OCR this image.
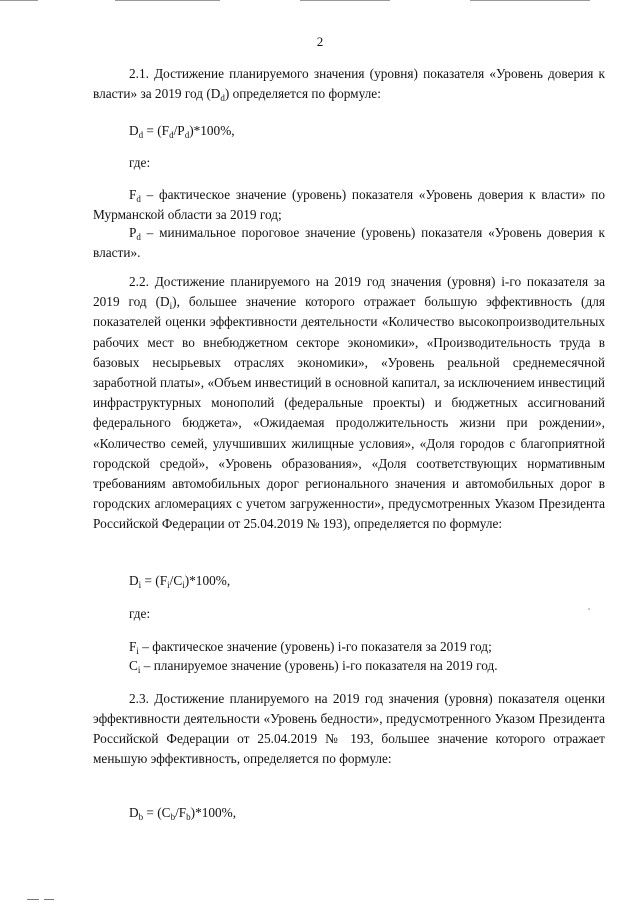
2
2.1. Достижение планируемого значения (уровня) показателя «Уровень доверия к власти» за 2019 год $(D_d)$ определяется по формуле:
$D_d = (F_d/P_d)*100\%$,
где:
$F_d$ – фактическое значение (уровень) показателя «Уровень доверия к власти» по Мурманской области за 2019 год;
$P_d$ – минимальное пороговое значение (уровень) показателя «Уровень доверия к власти».
2.2. Достижение планируемого на 2019 год значения (уровня) i-го показателя за 2019 год $(D_i)$, большее значение которого отражает большую эффективность (для показателей оценки эффективности деятельности «Количество высокопроизводительных рабочих мест во внебюджетном секторе экономики», «Производительность труда в базовых несырьевых отраслях экономики», «Уровень реальной среднемесячной заработной платы», «Объем инвестиций в основной капитал, за исключением инвестиций инфраструктурных монополий (федеральные проекты) и бюджетных ассигнований федерального бюджета», «Ожидаемая продолжительность жизни при рождении», «Количество семей, улучшивших жилищные условия», «Доля городов с благоприятной городской средой», «Уровень образования», «Доля соответствующих нормативным требованиям автомобильных дорог регионального значения и автомобильных дорог в городских агломерациях с учетом загруженности», предусмотренных Указом Президента Российской Федерации от 25.04.2019 № 193), определяется по формуле:
$D_i = (F_i/C_i)*100\%$,
где:
$F_i$ – фактическое значение (уровень) i-го показателя за 2019 год;
$C_i$ – планируемое значение (уровень) i-го показателя на 2019 год.
2.3. Достижение планируемого на 2019 год значения (уровня) показателя оценки эффективности деятельности «Уровень бедности», предусмотренного Указом Президента Российской Федерации от 25.04.2019 № 193, большее значение которого отражает меньшую эффективность, определяется по формуле:
$D_b = (C_b/F_b)*100\%$,
